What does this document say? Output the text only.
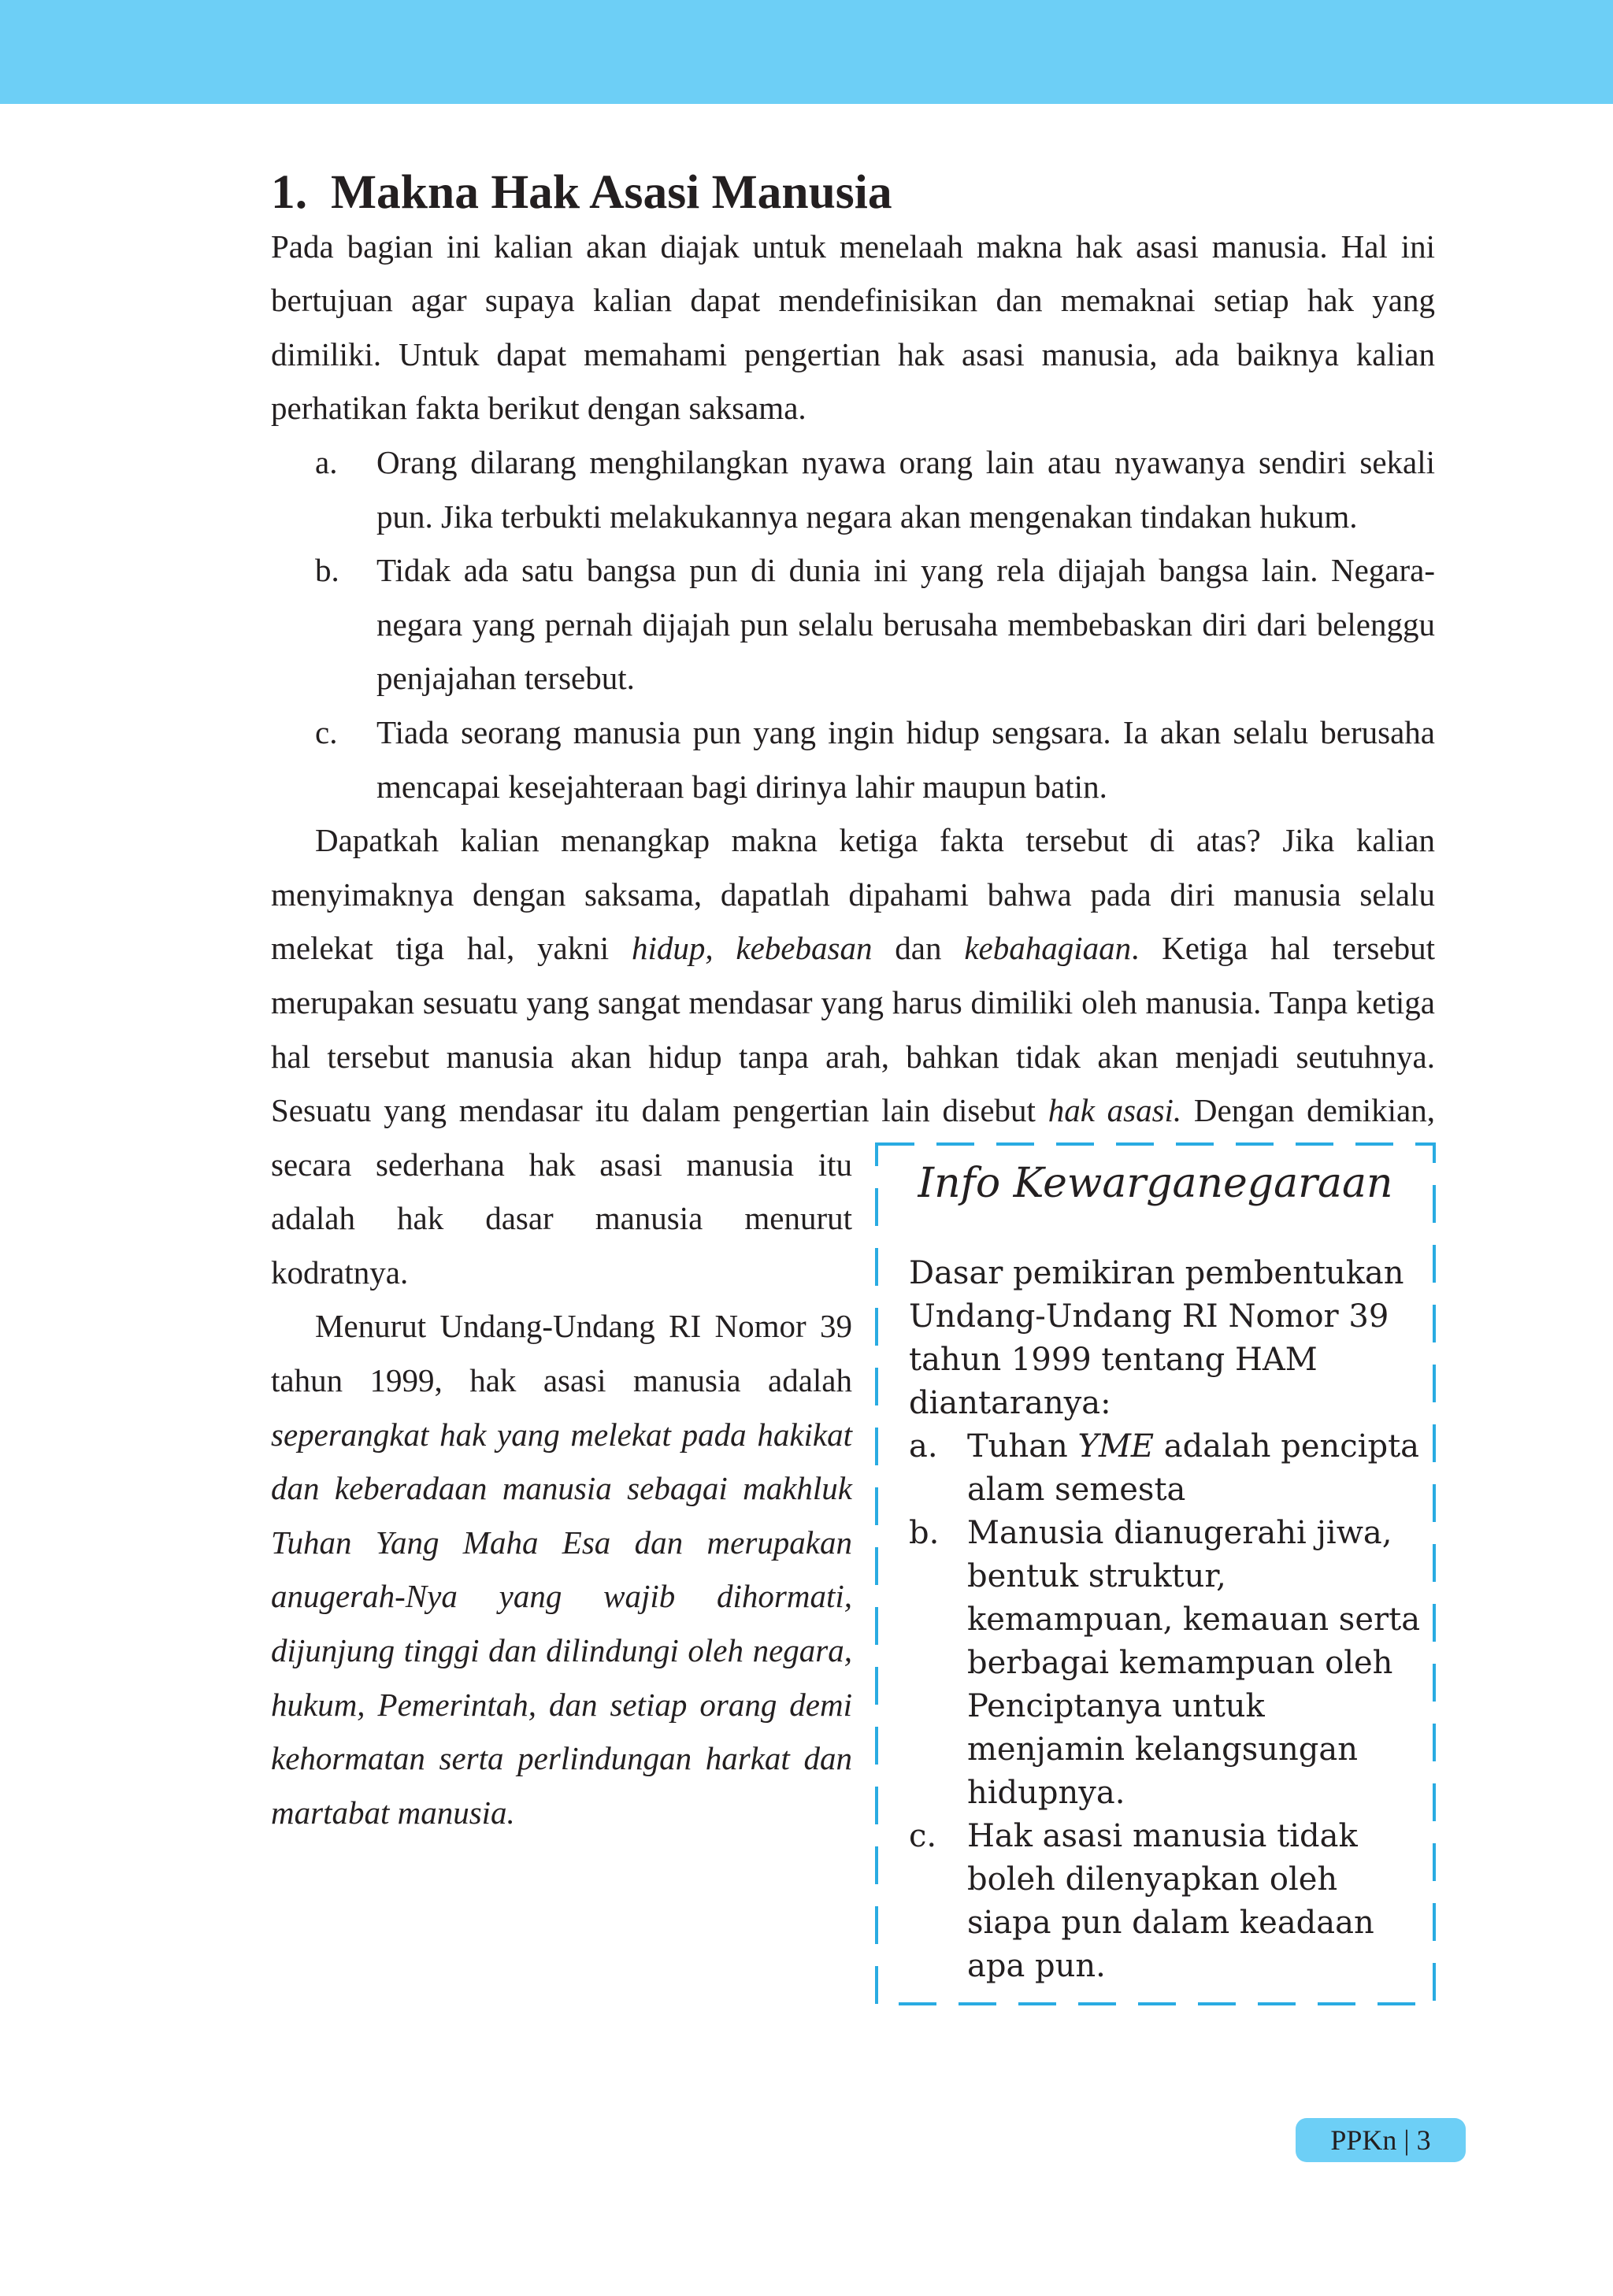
1. Makna Hak Asasi Manusia

Pada bagian ini kalian akan diajak untuk menelaah makna hak asasi manusia. Hal ini bertujuan agar supaya kalian dapat mendefinisikan dan memaknai setiap hak yang dimiliki. Untuk dapat memahami pengertian hak asasi manusia, ada baiknya kalian perhatikan fakta berikut dengan saksama.

a. Orang dilarang menghilangkan nyawa orang lain atau nyawanya sendiri sekali pun. Jika terbukti melakukannya negara akan mengenakan tindakan hukum.
b. Tidak ada satu bangsa pun di dunia ini yang rela dijajah bangsa lain. Negara-negara yang pernah dijajah pun selalu berusaha membebaskan diri dari belenggu penjajahan tersebut.
c. Tiada seorang manusia pun yang ingin hidup sengsara. Ia akan selalu berusaha mencapai kesejahteraan bagi dirinya lahir maupun batin.

Dapatkah kalian menangkap makna ketiga fakta tersebut di atas? Jika kalian menyimaknya dengan saksama, dapatlah dipahami bahwa pada diri manusia selalu melekat tiga hal, yakni hidup, kebebasan dan kebahagiaan. Ketiga hal tersebut merupakan sesuatu yang sangat mendasar yang harus dimiliki oleh manusia. Tanpa ketiga hal tersebut manusia akan hidup tanpa arah, bahkan tidak akan menjadi seutuhnya. Sesuatu yang mendasar itu dalam pengertian lain disebut hak asasi. Dengan demikian, secara sederhana hak asasi manusia itu adalah hak dasar manusia menurut kodratnya.

Menurut Undang-Undang RI Nomor 39 tahun 1999, hak asasi manusia adalah seperangkat hak yang melekat pada hakikat dan keberadaan manusia sebagai makhluk Tuhan Yang Maha Esa dan merupakan anugerah-Nya yang wajib dihormati, dijunjung tinggi dan dilindungi oleh negara, hukum, Pemerintah, dan setiap orang demi kehormatan serta perlindungan harkat dan martabat manusia.

Info Kewarganegaraan
Dasar pemikiran pembentukan Undang-Undang RI Nomor 39 tahun 1999 tentang HAM diantaranya:
a. Tuhan YME adalah pencipta alam semesta
b. Manusia dianugerahi jiwa, bentuk struktur, kemampuan, kemauan serta berbagai kemampuan oleh Penciptanya untuk menjamin kelangsungan hidupnya.
c. Hak asasi manusia tidak boleh dilenyapkan oleh siapa pun dalam keadaan apa pun.
PPKn | 3
